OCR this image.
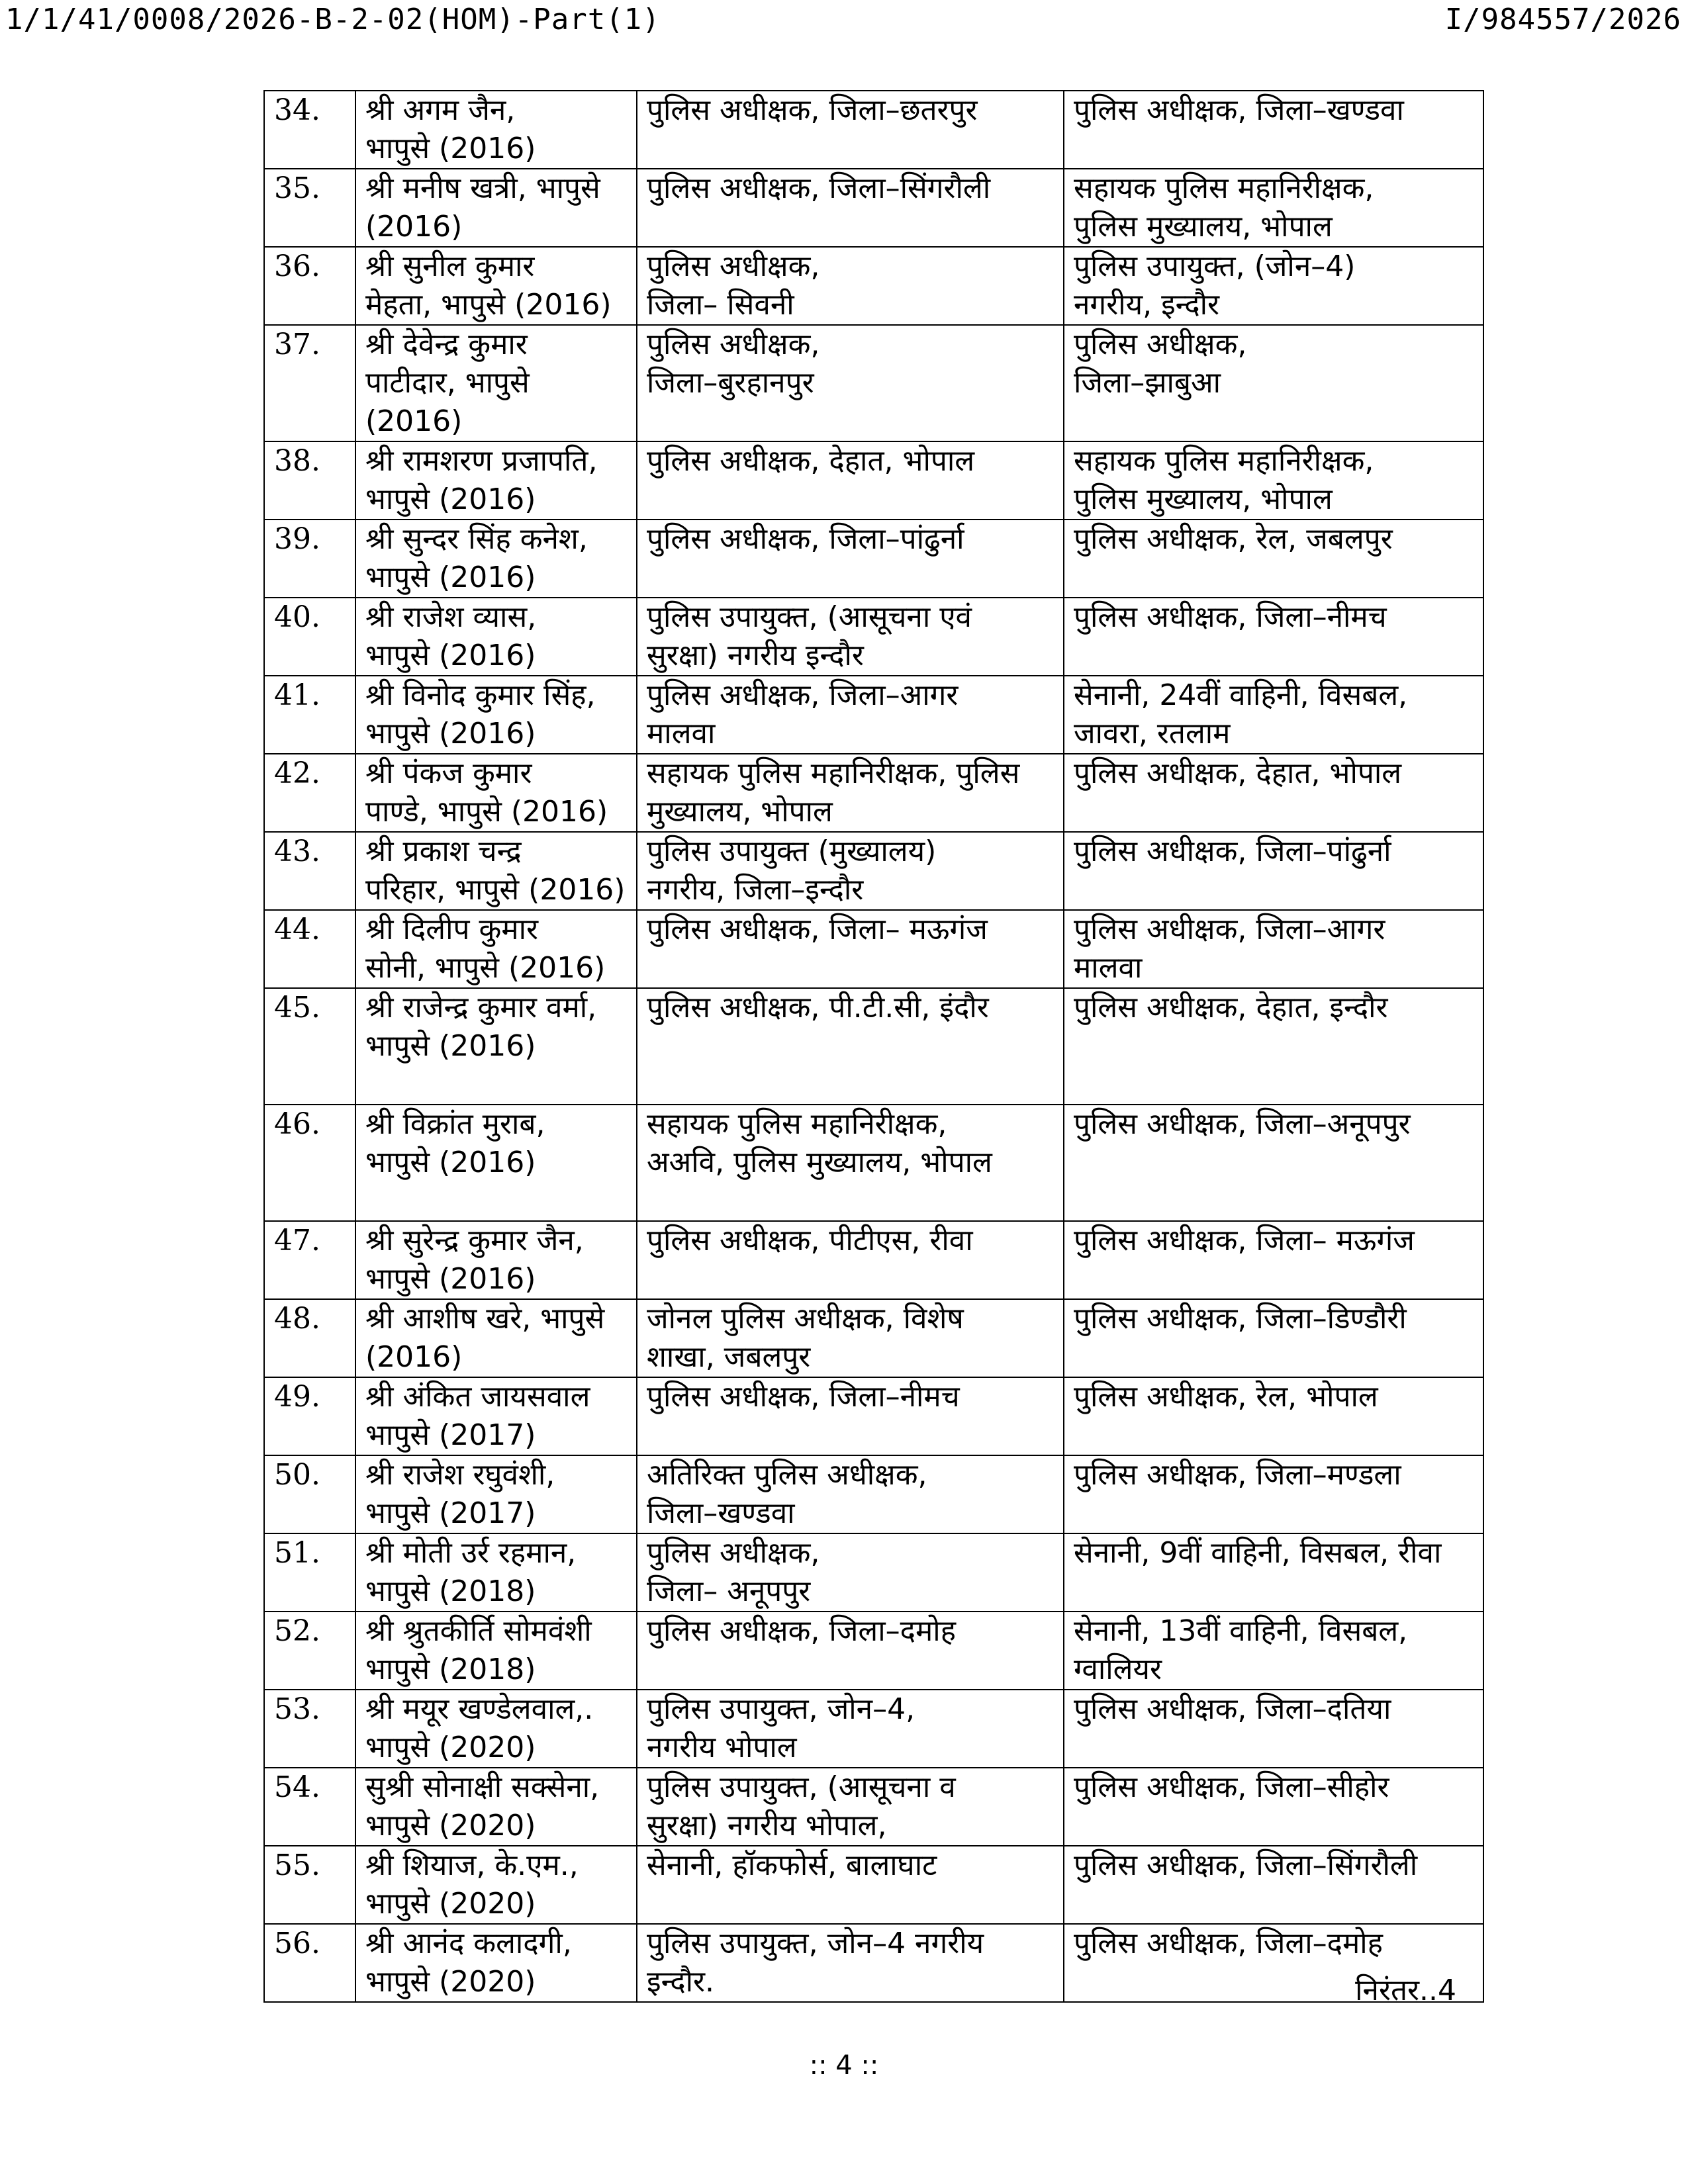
1/1/41/0008/2026-B-2-02(HOM)-Part(1)	I/984557/2026
34.	श्री अगम जैन,
भापुसे (2016)	पुलिस अधीक्षक, जिला–छतरपुर	पुलिस अधीक्षक, जिला–खण्डवा

35.	श्री मनीष खत्री, भापुसे
(2016)	पुलिस अधीक्षक, जिला–सिंगरौली	सहायक पुलिस महानिरीक्षक,
पुलिस मुख्यालय, भोपाल

36.	श्री सुनील कुमार
मेहता, भापुसे (2016)	पुलिस अधीक्षक,
जिला– सिवनी	पुलिस उपायुक्त, (जोन–4)
नगरीय, इन्दौर

37.	श्री देवेन्द्र कुमार
पाटीदार, भापुसे
(2016)	पुलिस अधीक्षक,
जिला–बुरहानपुर	पुलिस अधीक्षक,
जिला–झाबुआ

38.	श्री रामशरण प्रजापति,
भापुसे (2016)	पुलिस अधीक्षक, देहात, भोपाल	सहायक पुलिस महानिरीक्षक,
पुलिस मुख्यालय, भोपाल

39.	श्री सुन्दर सिंह कनेश,
भापुसे (2016)	पुलिस अधीक्षक, जिला–पांढुर्ना	पुलिस अधीक्षक, रेल, जबलपुर

40.	श्री राजेश व्यास,
भापुसे (2016)	पुलिस उपायुक्त, (आसूचना एवं
सुरक्षा) नगरीय इन्दौर	पुलिस अधीक्षक, जिला–नीमच

41.	श्री विनोद कुमार सिंह,
भापुसे (2016)	पुलिस अधीक्षक, जिला–आगर
मालवा	सेनानी, 24वीं वाहिनी, विसबल,
जावरा, रतलाम

42.	श्री पंकज कुमार
पाण्डे, भापुसे (2016)	सहायक पुलिस महानिरीक्षक, पुलिस
मुख्यालय, भोपाल	पुलिस अधीक्षक, देहात, भोपाल

43.	श्री प्रकाश चन्द्र
परिहार, भापुसे (2016)	पुलिस उपायुक्त (मुख्यालय)
नगरीय, जिला–इन्दौर	पुलिस अधीक्षक, जिला–पांढुर्ना

44.	श्री दिलीप कुमार
सोनी, भापुसे (2016)	पुलिस अधीक्षक, जिला– मऊगंज	पुलिस अधीक्षक, जिला–आगर
मालवा

45.	श्री राजेन्द्र कुमार वर्मा,
भापुसे (2016)	पुलिस अधीक्षक, पी.टी.सी, इंदौर	पुलिस अधीक्षक, देहात, इन्दौर

46.	श्री विक्रांत मुराब,
भापुसे (2016)	सहायक पुलिस महानिरीक्षक,
अअवि, पुलिस मुख्यालय, भोपाल	पुलिस अधीक्षक, जिला–अनूपपुर

47.	श्री सुरेन्द्र कुमार जैन,
भापुसे (2016)	पुलिस अधीक्षक, पीटीएस, रीवा	पुलिस अधीक्षक, जिला– मऊगंज

48.	श्री आशीष खरे, भापुसे
(2016)	जोनल पुलिस अधीक्षक, विशेष
शाखा, जबलपुर	पुलिस अधीक्षक, जिला–डिण्डौरी

49.	श्री अंकित जायसवाल
भापुसे (2017)	पुलिस अधीक्षक, जिला–नीमच	पुलिस अधीक्षक, रेल, भोपाल

50.	श्री राजेश रघुवंशी,
भापुसे (2017)	अतिरिक्त पुलिस अधीक्षक,
जिला–खण्डवा	पुलिस अधीक्षक, जिला–मण्डला

51.	श्री मोती उर्र रहमान,
भापुसे (2018)	पुलिस अधीक्षक,
जिला– अनूपपुर	सेनानी, 9वीं वाहिनी, विसबल, रीवा

52.	श्री श्रुतकीर्ति सोमवंशी
भापुसे (2018)	पुलिस अधीक्षक, जिला–दमोह	सेनानी, 13वीं वाहिनी, विसबल,
ग्वालियर

53.	श्री मयूर खण्डेलवाल,.
भापुसे (2020)	पुलिस उपायुक्त, जोन–4,
नगरीय भोपाल	पुलिस अधीक्षक, जिला–दतिया

54.	सुश्री सोनाक्षी सक्सेना,
भापुसे (2020)	पुलिस उपायुक्त, (आसूचना व
सुरक्षा) नगरीय भोपाल,	पुलिस अधीक्षक, जिला–सीहोर

55.	श्री शियाज, के.एम.,
भापुसे (2020)	सेनानी, हॉकफोर्स, बालाघाट	पुलिस अधीक्षक, जिला–सिंगरौली

56.	श्री आनंद कलादगी,
भापुसे (2020)	पुलिस उपायुक्त, जोन–4 नगरीय
इन्दौर.	पुलिस अधीक्षक, जिला–दमोह
निरंतर..4
:: 4 ::
